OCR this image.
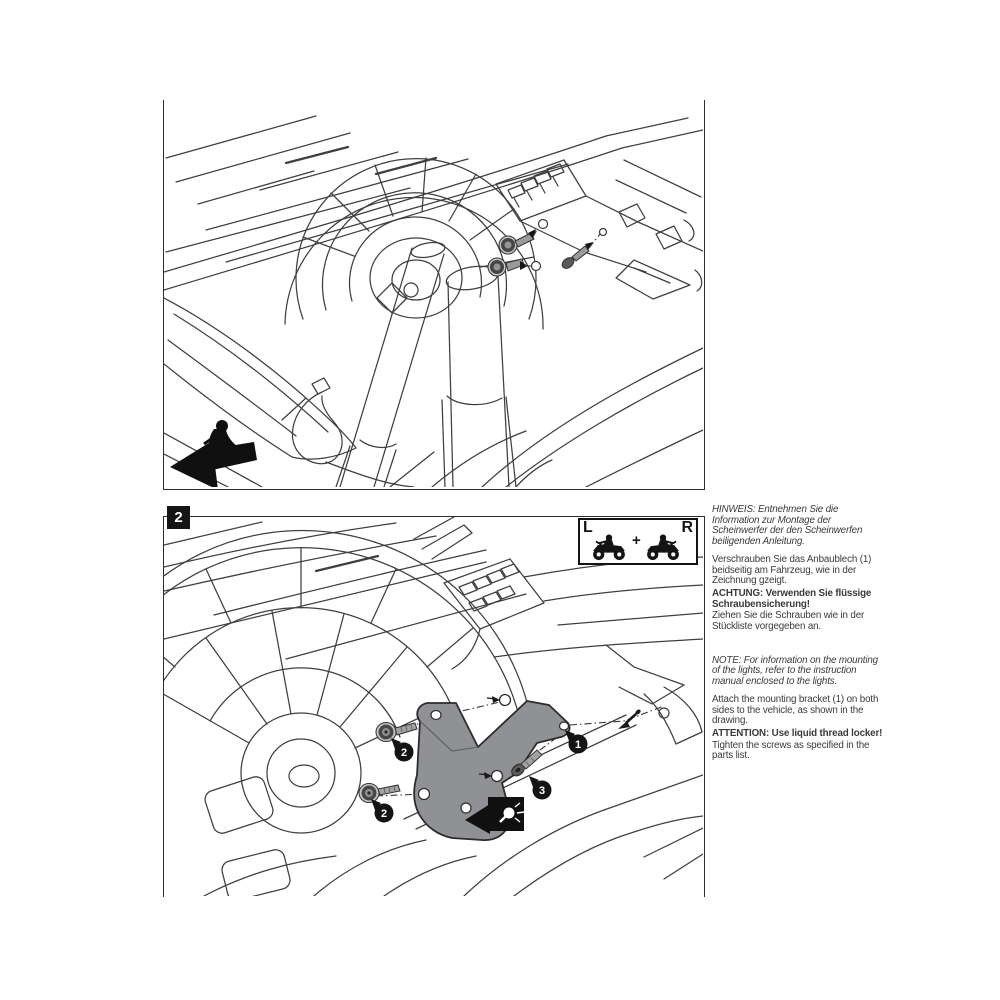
2
2
3
1
2
L
+
R

HINWEIS: Entnehmen Sie die Information zur Montage der Scheinwerfer der den Scheinwerfen beiligenden Anleitung.

Verschrauben Sie das Anbaublech (1) beidseitig am Fahrzeug, wie in der Zeichnung gzeigt.

ACHTUNG: Verwenden Sie flüssige Schraubensicherung!

Ziehen Sie die Schrauben wie in der Stückliste vorgegeben an.

NOTE: For information on the mounting of the lights, refer to the instruction manual enclosed to the lights.

Attach the mounting bracket (1) on both sides to the vehicle, as shown in the drawing.

ATTENTION: Use liquid thread locker!

Tighten the screws as specified in the parts list.
